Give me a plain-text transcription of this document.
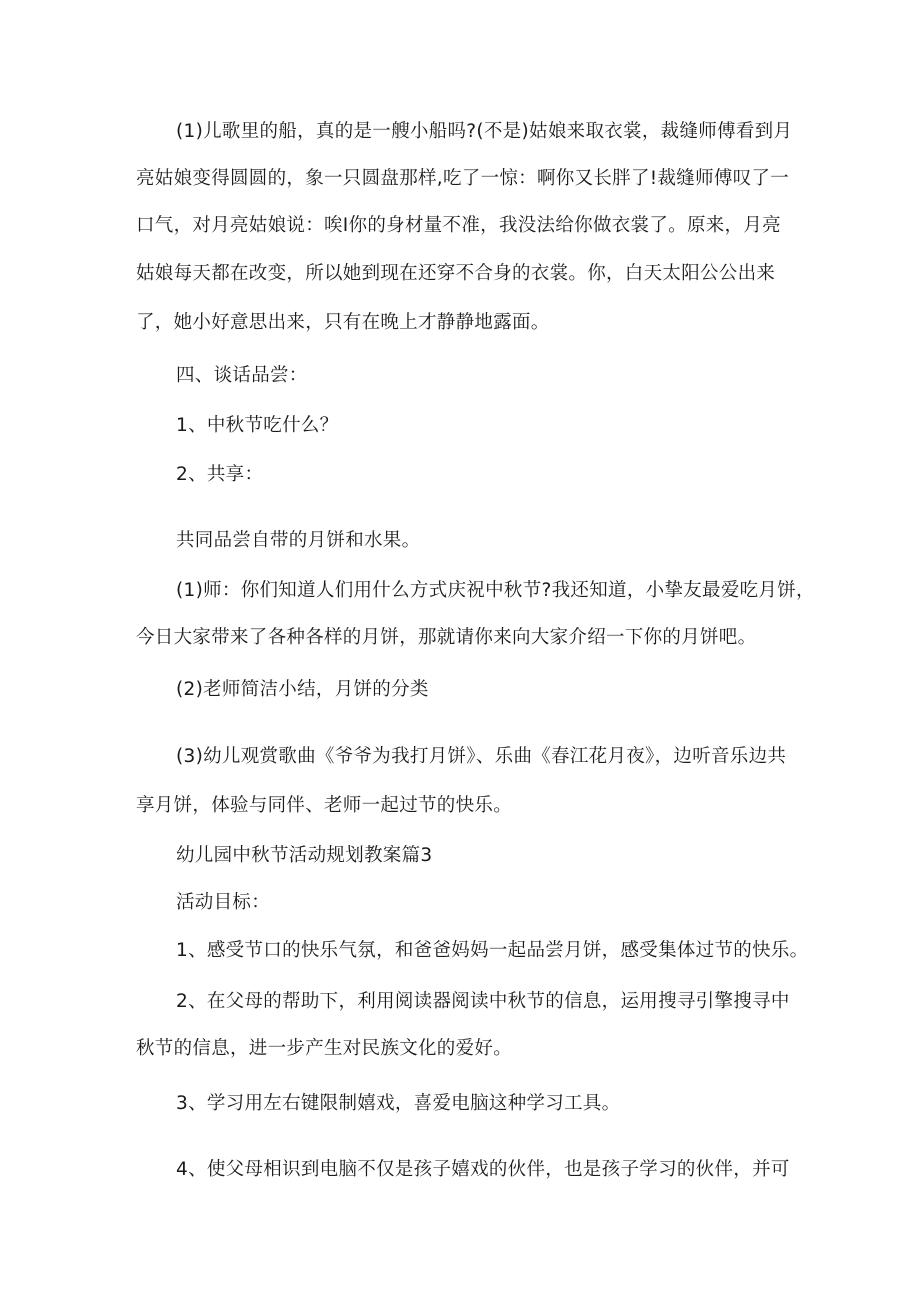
(1)儿歌里的船，真的是一艘小船吗?(不是)姑娘来取衣裳，裁缝师傅看到月
亮姑娘变得圆圆的，象一只圆盘那样,吃了一惊：啊你又长胖了!裁缝师傅叹了一
口气，对月亮姑娘说：唉I你的身材量不准，我没法给你做衣裳了。原来，月亮
姑娘每天都在改变，所以她到现在还穿不合身的衣裳。你，白天太阳公公出来
了，她小好意思出来，只有在晚上才静静地露面。
四、谈话品尝：
1、中秋节吃什么？
2、共享：
共同品尝自带的月饼和水果。
(1)师：你们知道人们用什么方式庆祝中秋节?我还知道，小挚友最爱吃月饼，
今日大家带来了各种各样的月饼，那就请你来向大家介绍一下你的月饼吧。
(2)老师简洁小结，月饼的分类
(3)幼儿观赏歌曲《爷爷为我打月饼》、乐曲《春江花月夜》，边听音乐边共
享月饼，体验与同伴、老师一起过节的快乐。
幼儿园中秋节活动规划教案篇3
活动目标：
1、感受节口的快乐气氛，和爸爸妈妈一起品尝月饼，感受集体过节的快乐。
2、在父母的帮助下，利用阅读器阅读中秋节的信息，运用搜寻引擎搜寻中
秋节的信息，进一步产生对民族文化的爱好。
3、学习用左右键限制嬉戏，喜爱电脑这种学习工具。
4、使父母相识到电脑不仅是孩子嬉戏的伙伴，也是孩子学习的伙伴，并可
